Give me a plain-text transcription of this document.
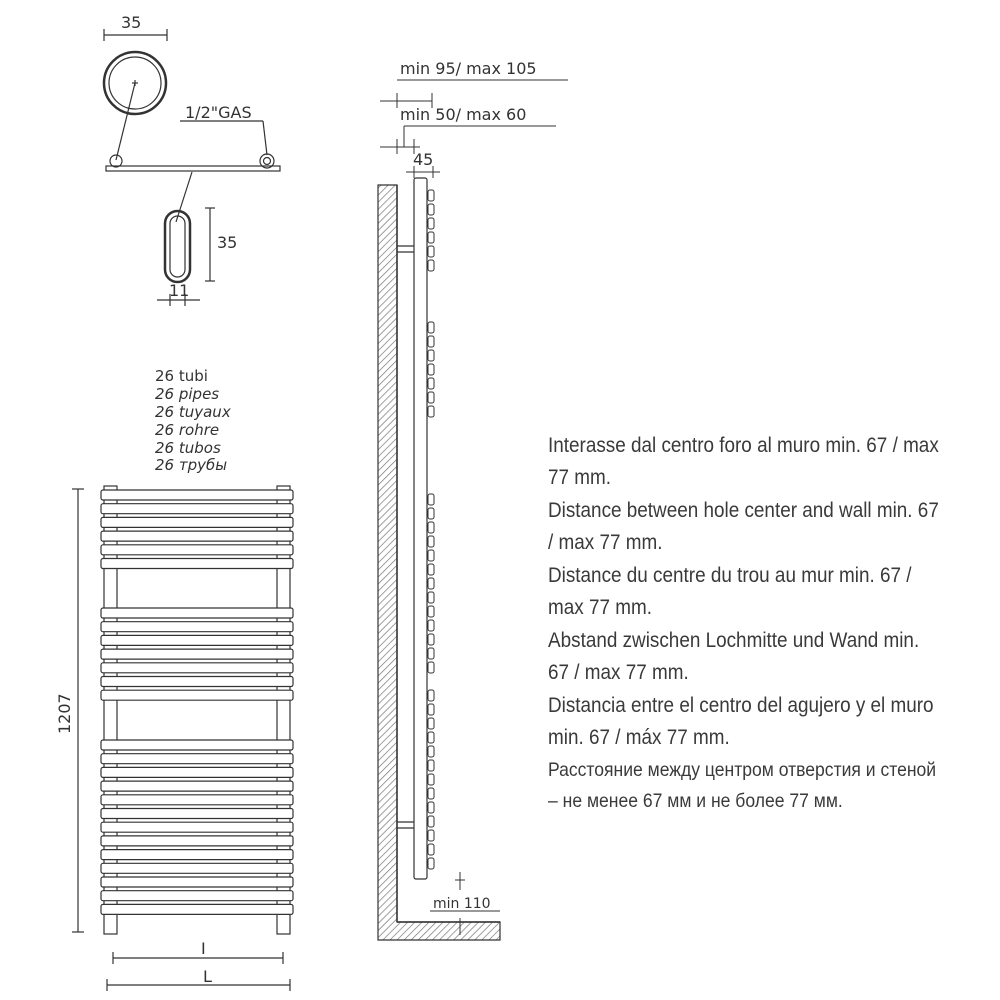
35
1/2"GAS
35
11
26 tubi
26 pipes
26 tuyaux
26 rohre
26 tubos
26 трубы
1207
I
L
min 95/ max 105
min 50/ max 60
45
min 110

Interasse dal centro foro al muro min. 67 / max 77 mm.

Distance between hole center and wall min. 67 / max 77 mm.

Distance du centre du trou au mur min. 67 / max 77 mm.

Abstand zwischen Lochmitte und Wand min. 67 / max 77 mm.

Distancia entre el centro del agujero y el muro min. 67 / máx 77 mm.

Расстояние между центром отверстия и стеной – не менее 67 мм и не более 77 мм.
